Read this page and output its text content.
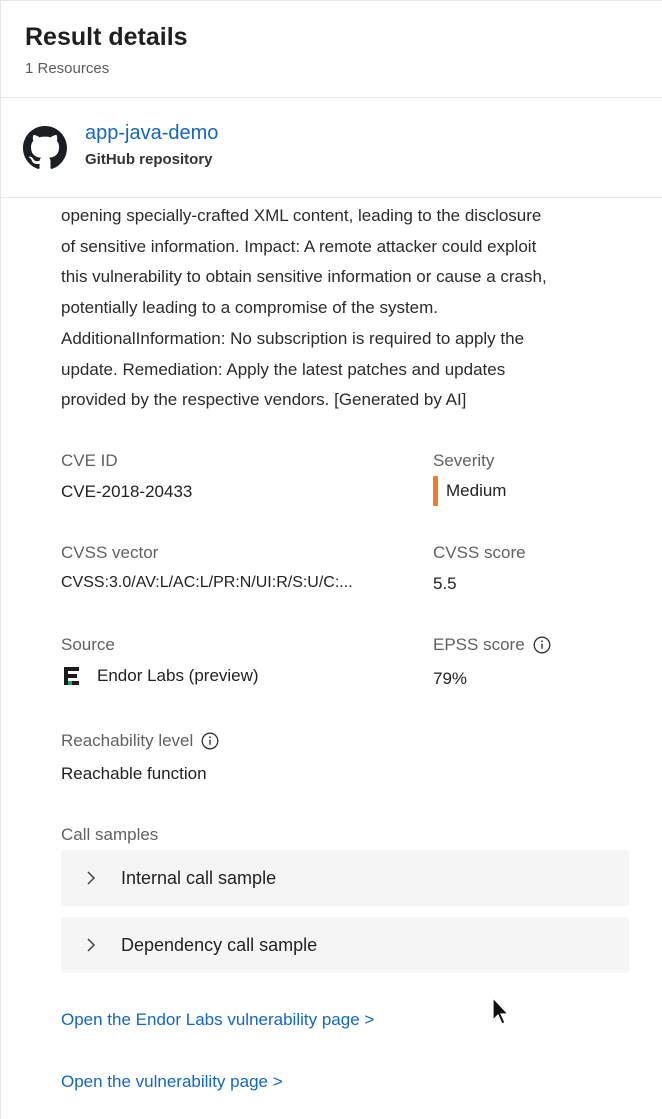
Result details
1 Resources
app-java-demo
GitHub repository
opening specially-crafted XML content, leading to the disclosure
of sensitive information. Impact: A remote attacker could exploit
this vulnerability to obtain sensitive information or cause a crash,
potentially leading to a compromise of the system.
AdditionalInformation: No subscription is required to apply the
update. Remediation: Apply the latest patches and updates
provided by the respective vendors. [Generated by AI]
CVE ID
CVE-2018-20433
Severity
Medium
CVSS vector
CVSS:3.0/AV:L/AC:L/PR:N/UI:R/S:U/C:...
CVSS score
5.5
Source
Endor Labs (preview)
EPSS score
79%
Reachability level
Reachable function
Call samples
Internal call sample
Dependency call sample
Open the Endor Labs vulnerability page >
Open the vulnerability page >
